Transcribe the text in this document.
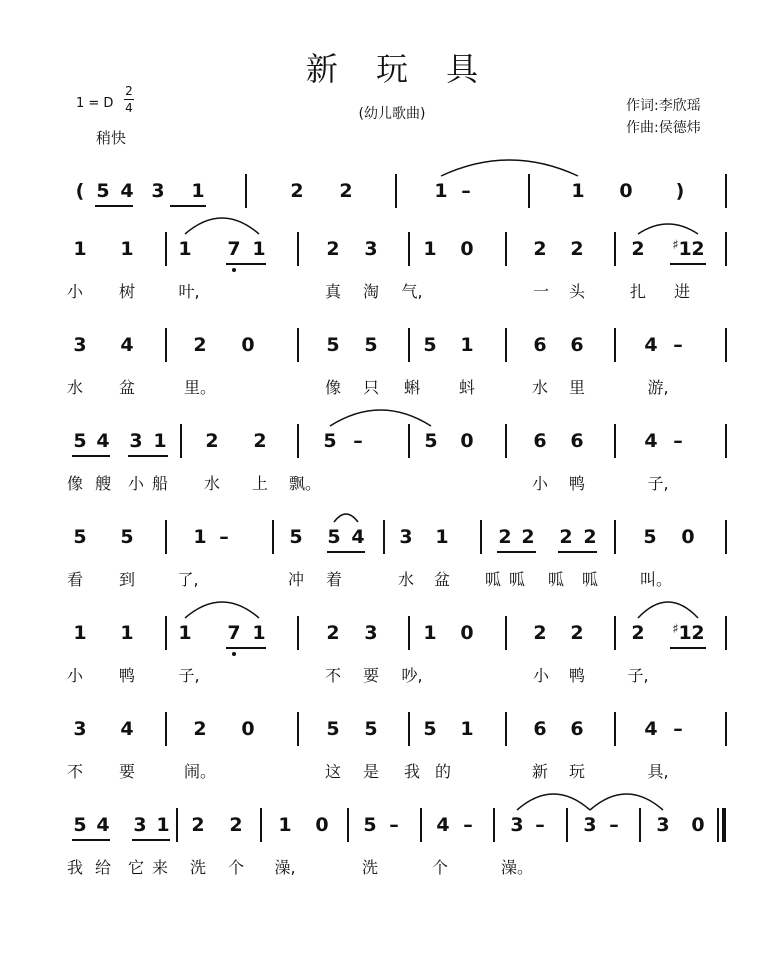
新 玩 具
(幼儿歌曲)
1 = D
2
4
稍快
作词:李欣瑶
作曲:侯德炜
( 5 4 3 1	2 2	1 –	1 0 )
1 1 1 7 1	2 3 1 0	2 2	2 ♯1 2
小 树	叶,	真 淘 气,	一 头	扎 进
3 4	2 0	5 5 5 1	6 6	4 –
水 盆	里。	像 只 蝌 蚪	水 里	游,
5 4 3 1 2 2	5 –	5 0	6 6	4 –
像 艘 小 船 水 上 飘。	小 鸭	子,
5 5	1 –	5 5 4 3 1	2 2 2 2 5 0
看 到	了,	冲 着	水 盆 呱 呱 呱 呱	叫。
1 1 1 7 1	2 3 1 0	2 2	2 ♯1 2
小 鸭	子,	不 要 吵,	小 鸭	子,
3 4	2 0	5 5 5 1	6 6	4 –
不 要	闹。	这 是 我 的	新 玩	具,
5 4 3 1 2 2 1 0 5 – 4 – 3 – 3 – 3 0
我 给 它 来 洗 个 澡,	洗	个	澡。
